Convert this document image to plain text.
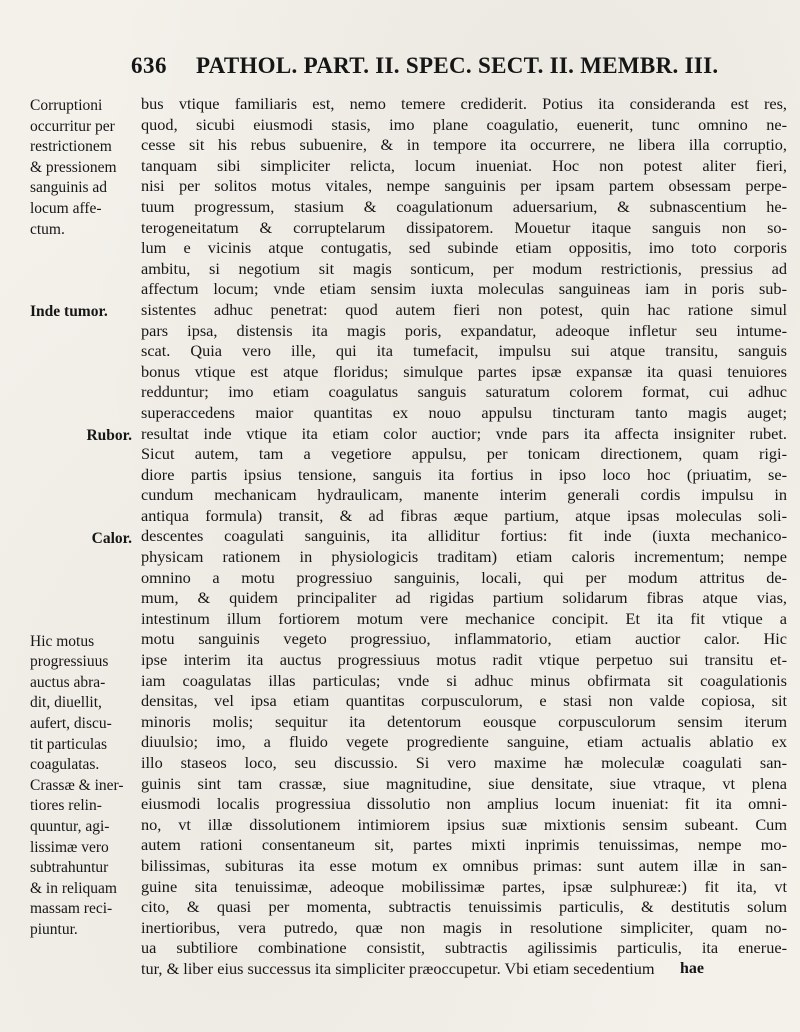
636 PATHOL. PART. II. SPEC. SECT. II. MEMBR. III.
Corruptioni
occurritur per
restrictionem
& pressionem
sanguinis ad
locum affe-
ctum.
Inde tumor.
Rubor.
Calor.
Hic motus
progressiuus
auctus abra-
dit, diuellit,
aufert, discu-
tit particulas
coagulatas.
Crassæ & iner-
tiores relin-
quuntur, agi-
lissimæ vero
subtrahuntur
& in reliquam
massam reci-
piuntur.
bus vtique familiaris est, nemo temere crediderit. Potius ita consideranda est res,
quod, sicubi eiusmodi stasis, imo plane coagulatio, euenerit, tunc omnino ne-
cesse sit his rebus subuenire, & in tempore ita occurrere, ne libera illa corruptio,
tanquam sibi simpliciter relicta, locum inueniat. Hoc non potest aliter fieri,
nisi per solitos motus vitales, nempe sanguinis per ipsam partem obsessam perpe-
tuum progressum, stasium & coagulationum aduersarium, & subnascentium he-
terogeneitatum & corruptelarum dissipatorem. Mouetur itaque sanguis non so-
lum e vicinis atque contugatis, sed subinde etiam oppositis, imo toto corporis
ambitu, si negotium sit magis sonticum, per modum restrictionis, pressius ad
affectum locum; vnde etiam sensim iuxta moleculas sanguineas iam in poris sub-
sistentes adhuc penetrat: quod autem fieri non potest, quin hac ratione simul
pars ipsa, distensis ita magis poris, expandatur, adeoque infletur seu intume-
scat. Quia vero ille, qui ita tumefacit, impulsu sui atque transitu, sanguis
bonus vtique est atque floridus; simulque partes ipsæ expansæ ita quasi tenuiores
redduntur; imo etiam coagulatus sanguis saturatum colorem format, cui adhuc
superaccedens maior quantitas ex nouo appulsu tincturam tanto magis auget;
resultat inde vtique ita etiam color auctior; vnde pars ita affecta insigniter rubet.
Sicut autem, tam a vegetiore appulsu, per tonicam directionem, quam rigi-
diore partis ipsius tensione, sanguis ita fortius in ipso loco hoc (priuatim, se-
cundum mechanicam hydraulicam, manente interim generali cordis impulsu in
antiqua formula) transit, & ad fibras æque partium, atque ipsas moleculas soli-
descentes coagulati sanguinis, ita alliditur fortius: fit inde (iuxta mechanico-
physicam rationem in physiologicis traditam) etiam caloris incrementum; nempe
omnino a motu progressiuo sanguinis, locali, qui per modum attritus de-
mum, & quidem principaliter ad rigidas partium solidarum fibras atque vias,
intestinum illum fortiorem motum vere mechanice concipit. Et ita fit vtique a
motu sanguinis vegeto progressiuo, inflammatorio, etiam auctior calor. Hic
ipse interim ita auctus progressiuus motus radit vtique perpetuo sui transitu et-
iam coagulatas illas particulas; vnde si adhuc minus obfirmata sit coagulationis
densitas, vel ipsa etiam quantitas corpusculorum, e stasi non valde copiosa, sit
minoris molis; sequitur ita detentorum eousque corpusculorum sensim iterum
diuulsio; imo, a fluido vegete progrediente sanguine, etiam actualis ablatio ex
illo staseos loco, seu discussio. Si vero maxime hæ moleculæ coagulati san-
guinis sint tam crassæ, siue magnitudine, siue densitate, siue vtraque, vt plena
eiusmodi localis progressiua dissolutio non amplius locum inueniat: fit ita omni-
no, vt illæ dissolutionem intimiorem ipsius suæ mixtionis sensim subeant. Cum
autem rationi consentaneum sit, partes mixti inprimis tenuissimas, nempe mo-
bilissimas, subituras ita esse motum ex omnibus primas: sunt autem illæ in san-
guine sita tenuissimæ, adeoque mobilissimæ partes, ipsæ sulphureæ:) fit ita, vt
cito, & quasi per momenta, subtractis tenuissimis particulis, & destitutis solum
inertioribus, vera putredo, quæ non magis in resolutione simpliciter, quam no-
ua subtiliore combinatione consistit, subtractis agilissimis particulis, ita enerue-
tur, & liber eius successus ita simpliciter præoccupetur. Vbi etiam secedentium	hae
